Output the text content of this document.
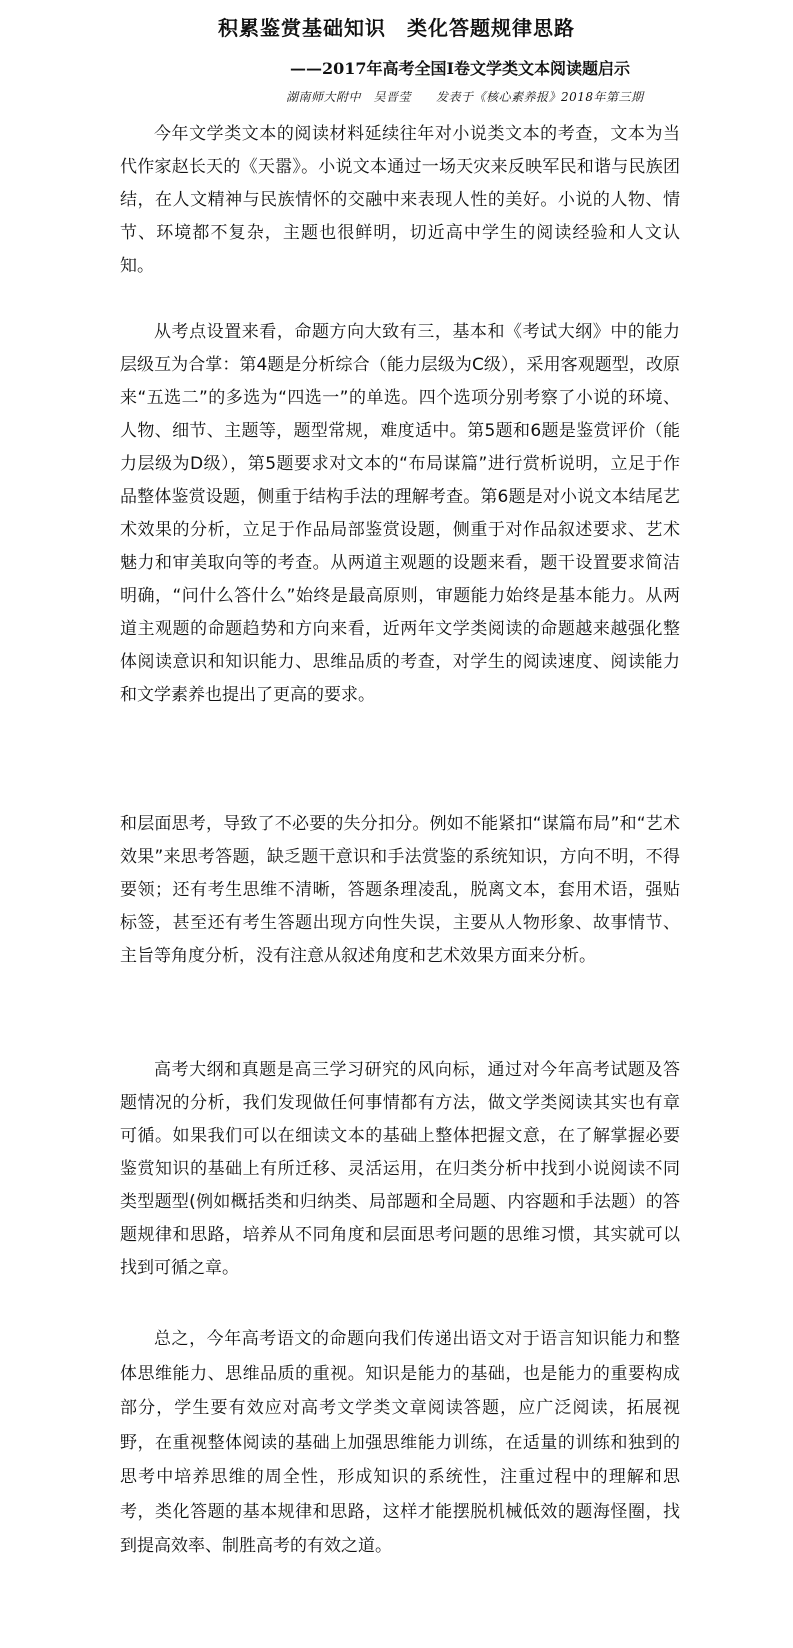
积累鉴赏基础知识　类化答题规律思路
——2017年高考全国Ⅰ卷文学类文本阅读题启示
湖南师大附中　吴晋莹　　发表于《核心素养报》2018年第三期

今年文学类文本的阅读材料延续往年对小说类文本的考查，文本为当代作家赵长天的《天嚣》。小说文本通过一场天灾来反映军民和谐与民族团结，在人文精神与民族情怀的交融中来表现人性的美好。小说的人物、情节、环境都不复杂，主题也很鲜明，切近高中学生的阅读经验和人文认知。

从考点设置来看，命题方向大致有三，基本和《考试大纲》中的能力层级互为合掌：第4题是分析综合（能力层级为C级），采用客观题型，改原来“五选二”的多选为“四选一”的单选。四个选项分别考察了小说的环境、人物、细节、主题等，题型常规，难度适中。第5题和6题是鉴赏评价（能力层级为D级），第5题要求对文本的“布局谋篇”进行赏析说明，立足于作品整体鉴赏设题，侧重于结构手法的理解考查。第6题是对小说文本结尾艺术效果的分析，立足于作品局部鉴赏设题，侧重于对作品叙述要求、艺术魅力和审美取向等的考查。从两道主观题的设题来看，题干设置要求简洁明确，“问什么答什么”始终是最高原则，审题能力始终是基本能力。从两道主观题的命题趋势和方向来看，近两年文学类阅读的命题越来越强化整体阅读意识和知识能力、思维品质的考查，对学生的阅读速度、阅读能力和文学素养也提出了更高的要求。

和层面思考，导致了不必要的失分扣分。例如不能紧扣“谋篇布局”和“艺术效果”来思考答题，缺乏题干意识和手法赏鉴的系统知识，方向不明，不得要领；还有考生思维不清晰，答题条理凌乱，脱离文本，套用术语，强贴标签，甚至还有考生答题出现方向性失误，主要从人物形象、故事情节、主旨等角度分析，没有注意从叙述角度和艺术效果方面来分析。

高考大纲和真题是高三学习研究的风向标，通过对今年高考试题及答题情况的分析，我们发现做任何事情都有方法，做文学类阅读其实也有章可循。如果我们可以在细读文本的基础上整体把握文意，在了解掌握必要鉴赏知识的基础上有所迁移、灵活运用，在归类分析中找到小说阅读不同类型题型(例如概括类和归纳类、局部题和全局题、内容题和手法题）的答题规律和思路，培养从不同角度和层面思考问题的思维习惯，其实就可以找到可循之章。

总之，今年高考语文的命题向我们传递出语文对于语言知识能力和整体思维能力、思维品质的重视。知识是能力的基础，也是能力的重要构成部分，学生要有效应对高考文学类文章阅读答题，应广泛阅读，拓展视野，在重视整体阅读的基础上加强思维能力训练，在适量的训练和独到的思考中培养思维的周全性，形成知识的系统性，注重过程中的理解和思考，类化答题的基本规律和思路，这样才能摆脱机械低效的题海怪圈，找到提高效率、制胜高考的有效之道。
